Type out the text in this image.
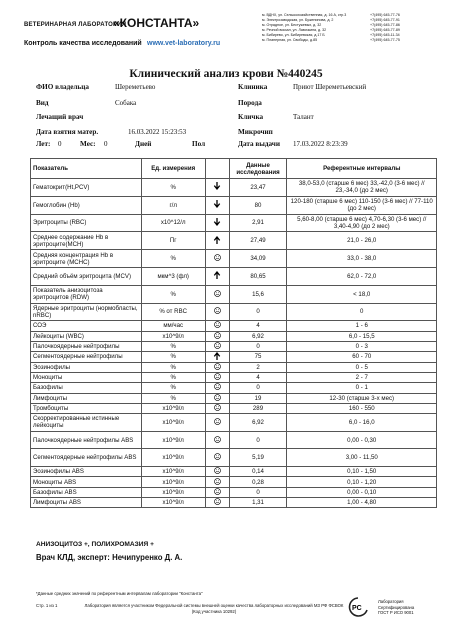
ВЕТЕРИНАРНАЯ ЛАБОРАТОРИЯ
«КОНСТАНТА»
Контроль качества исследований www.vet-laboratory.ru
м. ВДНХ, ул. Сельскохозяйственная, д. 16 А, стр.3
м. Электрозаводская, ул. Буженинова, д. 2
м. Отрадное, ул. Бестужевых, д. 32
м. Речной вокзал, ул. Лавочкина, д. 32
м. Бибирево, ул. Бибиревская, д.17 Б
м. Планерная, ул. Свободы, д.85
+7(495) 645-77-76
+7(495) 645-77-91
+7(495) 645-77-86
+7(495) 645-77-89
+7(495) 645-11-34
+7(495) 645-77-75
Клинический анализ крови №440245
ФИО владельца	Шереметьево
Вид	Собака
Лечащий врач
Дата взятия матер.	16.03.2022 15:23:53
Лет: 0	Мес: 0	Дней	Пол
Клиника	Приют Шереметьевский
Порода
Кличка	Талант
Микрочип
Дата выдачи 17.03.2022 8:23:39
Показатель	Ед. измерения		Данные исследования	Референтные интервалы
Гематокрит(Ht,PCV)	%		23,47	38,0-53,0 (старше 6 мес) 33,-42,0 (3-6 мес) // 23,-34,0 (до 2 мес)
Гемоглобин (Hb)	г/л		80	120-180 (старше 6 мес) 110-150 (3-6 мес) // 77-110 (до 2 мес)
Эритроциты (RBC)	x10^12/л		2,91	5,60-8,00 (старше 6 мес) 4,70-6,30 (3-6 мес) // 3,40-4,90 (до 2 мес)
Среднее содержание Hb в эритроците(MCH)	Пг		27,49	21,0 - 26,0
Средняя концентрация Hb в эритроците (MCHC)	%		34,09	33,0 - 38,0
Средний объём эритроцита (MCV)	мкм^3 (фл)		80,65	62,0 - 72,0
Показатель анизоцитоза эритроцитов (RDW)	%		15,6	< 18,0
Ядерные эритроциты (нормобласты, nRBC)	% от RBC		0	0
СОЭ	мм/час		4	1 - 6
Лейкоциты (WBC)	x10^9/л		6,92	6,0 - 15,5
Палочкоядерные нейтрофилы	%		0	0 - 3
Сегментоядерные нейтрофилы	%		75	60 - 70
Эозинофилы	%		2	0 - 5
Моноциты	%		4	2 - 7
Базофилы	%		0	0 - 1
Лимфоциты	%		19	12-30 (старше 3-х мес)
Тромбоциты	x10^9/л		289	160 - 550
Скорректированные истинные лейкоциты	x10^9/л		6,92	6,0 - 16,0
Палочкоядерные нейтрофилы ABS	x10^9/л		0	0,00 - 0,30
Сегментоядерные нейтрофилы ABS	x10^9/л		5,19	3,00 - 11,50
Эозинофилы ABS	x10^9/л		0,14	0,10 - 1,50
Моноциты ABS	x10^9/л		0,28	0,10 - 1,20
Базофилы ABS	x10^9/л		0	0,00 - 0,10
Лимфоциты ABS	x10^9/л		1,31	1,00 - 4,80
АНИЗОЦИТОЗ +, ПОЛИХРОМАЗИЯ +
Врач КЛД, эксперт: Нечипуренко Д. А.
*Данные средних значений по референтным интервалам лаборатории "Константа"
Стр. 1 из 1	Лаборатория является участником Федеральной системы внешней оценки качества лабораторных исследований МЗ РФ ФСВОК (Код участника 10292)	PC
Лаборатория
Сертифицирована
ГОСТ Р ИСО 9001
